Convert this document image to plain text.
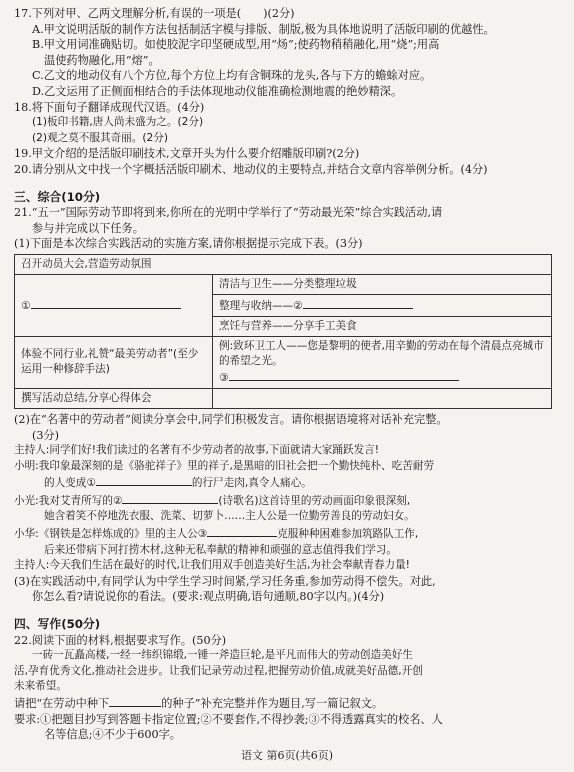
17.下列对甲、乙两文理解分析,有误的一项是( )(2分)
A.甲文说明活版的制作方法包括制活字模与排版、制版,极为具体地说明了活版印刷的优越性。
B.甲文用词准确贴切。如使胶泥字印坚硬成型,用“炀”;使药物稍稍融化,用“烧”;用高
温使药物融化,用“熔”。
C.乙文的地动仪有八个方位,每个方位上均有含铜珠的龙头,各与下方的蟾蜍对应。
D.乙文运用了正侧面相结合的手法体现地动仪能准确检测地震的绝妙精深。
18.将下面句子翻译成现代汉语。(4分)
(1)板印书籍,唐人尚未盛为之。(2分)
(2)观之莫不服其奇丽。(2分)
19.甲文介绍的是活版印刷技术,文章开头为什么要介绍雕版印刷?(2分)
20.请分别从文中找一个字概括活版印刷术、地动仪的主要特点,并结合文章内容举例分析。(4分)
三、综合(10分)
21.“五一”国际劳动节即将到来,你所在的光明中学举行了“劳动最光荣”综合实践活动,请
参与并完成以下任务。
(1)下面是本次综合实践活动的实施方案,请你根据提示完成下表。(3分)
召开动员大会,营造劳动氛围	
①	清洁与卫生——分类整理垃圾
	整理与收纳——②
	烹饪与营养——分享手工美食
体验不同行业,礼赞“最美劳动者”(至少运用一种修辞手法)	例:致环卫工人——您是黎明的使者,用辛勤的劳动在每个清晨点亮城市的希望之光。
③
撰写活动总结,分享心得体会	
(2)在“名著中的劳动者”阅读分享会中,同学们积极发言。请你根据语境将对话补充完整。
(3分)
主持人:同学们好!我们读过的名著有不少劳动者的故事,下面就请大家踊跃发言!
小明:我印象最深刻的是《骆驼祥子》里的祥子,是黑暗的旧社会把一个勤快纯朴、吃苦耐劳
的人变成①	的行尸走肉,真令人痛心。
小光:我对艾青所写的②	(诗歌名)这首诗里的劳动画面印象很深刻,
她含着笑不停地洗衣服、洗菜、切萝卜……主人公是一位勤劳善良的劳动妇女。
小华:《钢铁是怎样炼成的》里的主人公③	克服种种困难参加筑路队工作,
后来还带病下河打捞木材,这种无私奉献的精神和顽强的意志值得我们学习。
主持人:今天我们生活在最好的时代,让我们用双手创造美好生活,为社会奉献青春力量!
(3)在实践活动中,有同学认为中学生学习时间紧,学习任务重,参加劳动得不偿失。对此,
你怎么看?请说说你的看法。(要求:观点明确,语句通顺,80字以内。)(4分)
四、写作(50分)
22.阅读下面的材料,根据要求写作。(50分)
一砖一瓦矗高楼,一经一纬织锦缎,一锤一斧造巨轮,是平凡而伟大的劳动创造美好生
活,孕育优秀文化,推动社会进步。让我们记录劳动过程,把握劳动价值,成就美好品德,开创
未来希望。
请把“在劳动中种下	的种子”补充完整并作为题目,写一篇记叙文。
要求:①把题目抄写到答题卡指定位置;②不要套作,不得抄袭;③不得透露真实的校名、人
名等信息;④不少于600字。
语文 第6页(共6页)
